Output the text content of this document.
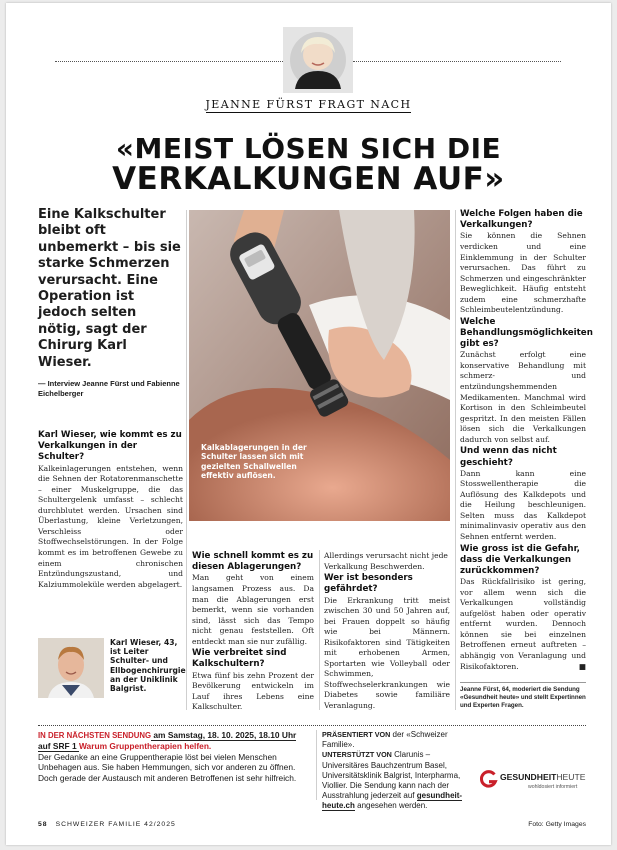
JEANNE FÜRST FRAGT NACH
«MEIST LÖSEN SICH DIE
VERKALKUNGEN AUF»
Eine Kalkschulter bleibt oft unbemerkt – bis sie starke Schmerzen verursacht. Eine Operation ist jedoch selten nötig, sagt der Chirurg Karl Wieser.
— Interview Jeanne Fürst und Fabienne Eichelberger

Karl Wieser, wie kommt es zu Verkalkungen in der Schulter?

Kalkeinlagerungen entstehen, wenn die Sehnen der Rotatorenmanschette – einer Muskelgruppe, die das Schultergelenk umfasst – schlecht durchblutet werden. Ursachen sind Überlastung, kleine Verletzungen, Verschleiss oder Stoffwechselstörungen. In der Folge kommt es im betroffenen Gewebe zu einem chronischen Entzündungszustand, und Kalziummoleküle werden abgelagert.

Karl Wieser, 43, ist Leiter Schulter- und Ellbogenchirurgie an der Uniklinik Balgrist.
Kalkablagerungen in der Schulter lassen sich mit gezielten Schallwellen effektiv auflösen.

Wie schnell kommt es zu diesen Ablagerungen?

Man geht von einem langsamen Prozess aus. Da man die Ablagerungen erst bemerkt, wenn sie vorhanden sind, lässt sich das Tempo nicht genau feststellen. Oft entdeckt man sie nur zufällig.

Wie verbreitet sind Kalkschultern?

Etwa fünf bis zehn Prozent der Bevölkerung entwickeln im Lauf ihres Lebens eine Kalkschulter.

Allerdings verursacht nicht jede Verkalkung Beschwerden.

Wer ist besonders gefährdet?

Die Erkrankung tritt meist zwischen 30 und 50 Jahren auf, bei Frauen doppelt so häufig wie bei Männern. Risikofaktoren sind Tätigkeiten mit erhobenen Armen, Sportarten wie Volleyball oder Schwimmen, Stoffwechselerkrankungen wie Diabetes sowie familiäre Veranlagung.

Welche Folgen haben die Verkalkungen?

Sie können die Sehnen verdicken und eine Einklemmung in der Schulter verursachen. Das führt zu Schmerzen und eingeschränkter Beweglichkeit. Häufig entsteht zudem eine schmerzhafte Schleimbeutelentzündung.

Welche Behandlungsmöglichkeiten gibt es?

Zunächst erfolgt eine konservative Behandlung mit schmerz- und entzündungshemmenden Medikamenten. Manchmal wird Kortison in den Schleimbeutel gespritzt. In den meisten Fällen lösen sich die Verkalkungen dadurch von selbst auf.

Und wenn das nicht geschieht?

Dann kann eine Stosswellentherapie die Auflösung des Kalkdepots und die Heilung beschleunigen. Selten muss das Kalkdepot minimalinvasiv operativ aus den Sehnen entfernt werden.

Wie gross ist die Gefahr, dass die Verkalkungen zurückkommen?

Das Rückfallrisiko ist gering, vor allem wenn sich die Verkalkungen vollständig aufgelöst haben oder operativ entfernt wurden. Dennoch können sie bei einzelnen Betroffenen erneut auftreten – abhängig von Veranlagung und Risikofaktoren.	■

Jeanne Fürst, 64, moderiert die Sendung «Gesundheit heute» und stellt Expertinnen und Experten Fragen.
IN DER NÄCHSTEN SENDUNG am Samstag, 18. 10. 2025, 18.10 Uhr auf SRF 1 Warum Gruppentherapien helfen.
Der Gedanke an eine Gruppentherapie löst bei vielen Menschen Unbehagen aus. Sie haben Hemmungen, sich vor anderen zu öffnen. Doch gerade der Austausch mit anderen Betroffenen ist sehr hilfreich.
PRÄSENTIERT VON der «Schweizer Familie».
UNTERSTÜTZT VON Clarunis – Universitäres Bauchzentrum Basel, Universitätsklinik Balgrist, Interpharma, Viollier. Die Sendung kann nach der Ausstrahlung jederzeit auf gesundheit-heute.ch angesehen werden.
GESUNDHEITHEUTE
wohldosiert informiert
58 SCHWEIZER FAMILIE 42/2025	Foto: Getty Images
